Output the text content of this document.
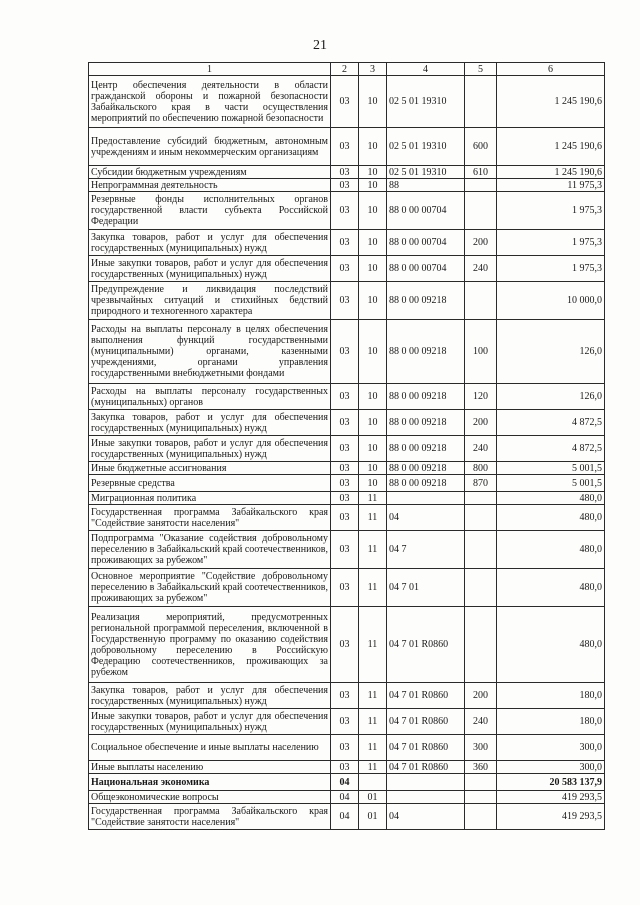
21
1	2	3	4	5	6
Центр обеспечения деятельности в области гражданской обороны и пожарной безопасности Забайкальского края в части осуществления мероприятий по обеспечению пожарной безопасности	03	10	02 5 01 19310		1 245 190,6
Предоставление субсидий бюджетным, автономным учреждениям и иным некоммерческим организациям	03	10	02 5 01 19310	600	1 245 190,6
Субсидии бюджетным учреждениям	03	10	02 5 01 19310	610	1 245 190,6
Непрограммная деятельность	03	10	88		11 975,3
Резервные фонды исполнительных органов государственной власти субъекта Российской Федерации	03	10	88 0 00 00704		1 975,3
Закупка товаров, работ и услуг для обеспечения государственных (муниципальных) нужд	03	10	88 0 00 00704	200	1 975,3
Иные закупки товаров, работ и услуг для обеспечения государственных (муниципальных) нужд	03	10	88 0 00 00704	240	1 975,3
Предупреждение и ликвидация последствий чрезвычайных ситуаций и стихийных бедствий природного и техногенного характера	03	10	88 0 00 09218		10 000,0
Расходы на выплаты персоналу в целях обеспечения выполнения функций государственными (муниципальными) органами, казенными учреждениями, органами управления государственными внебюджетными фондами	03	10	88 0 00 09218	100	126,0
Расходы на выплаты персоналу государственных (муниципальных) органов	03	10	88 0 00 09218	120	126,0
Закупка товаров, работ и услуг для обеспечения государственных (муниципальных) нужд	03	10	88 0 00 09218	200	4 872,5
Иные закупки товаров, работ и услуг для обеспечения государственных (муниципальных) нужд	03	10	88 0 00 09218	240	4 872,5
Иные бюджетные ассигнования	03	10	88 0 00 09218	800	5 001,5
Резервные средства	03	10	88 0 00 09218	870	5 001,5
Миграционная политика	03	11			480,0
Государственная программа Забайкальского края "Содействие занятости населения"	03	11	04		480,0
Подпрограмма "Оказание содействия добровольному переселению в Забайкальский край соотечественников, проживающих за рубежом"	03	11	04 7		480,0
Основное мероприятие "Содействие добровольному переселению в Забайкальский край соотечественников, проживающих за рубежом"	03	11	04 7 01		480,0
Реализация мероприятий, предусмотренных региональной программой переселения, включенной в Государственную программу по оказанию содействия добровольному переселению в Российскую Федерацию соотечественников, проживающих за рубежом	03	11	04 7 01 R0860		480,0
Закупка товаров, работ и услуг для обеспечения государственных (муниципальных) нужд	03	11	04 7 01 R0860	200	180,0
Иные закупки товаров, работ и услуг для обеспечения государственных (муниципальных) нужд	03	11	04 7 01 R0860	240	180,0
Социальное обеспечение и иные выплаты населению	03	11	04 7 01 R0860	300	300,0
Иные выплаты населению	03	11	04 7 01 R0860	360	300,0
Национальная экономика	04				20 583 137,9
Общеэкономические вопросы	04	01			419 293,5
Государственная программа Забайкальского края "Содействие занятости населения"	04	01	04		419 293,5
